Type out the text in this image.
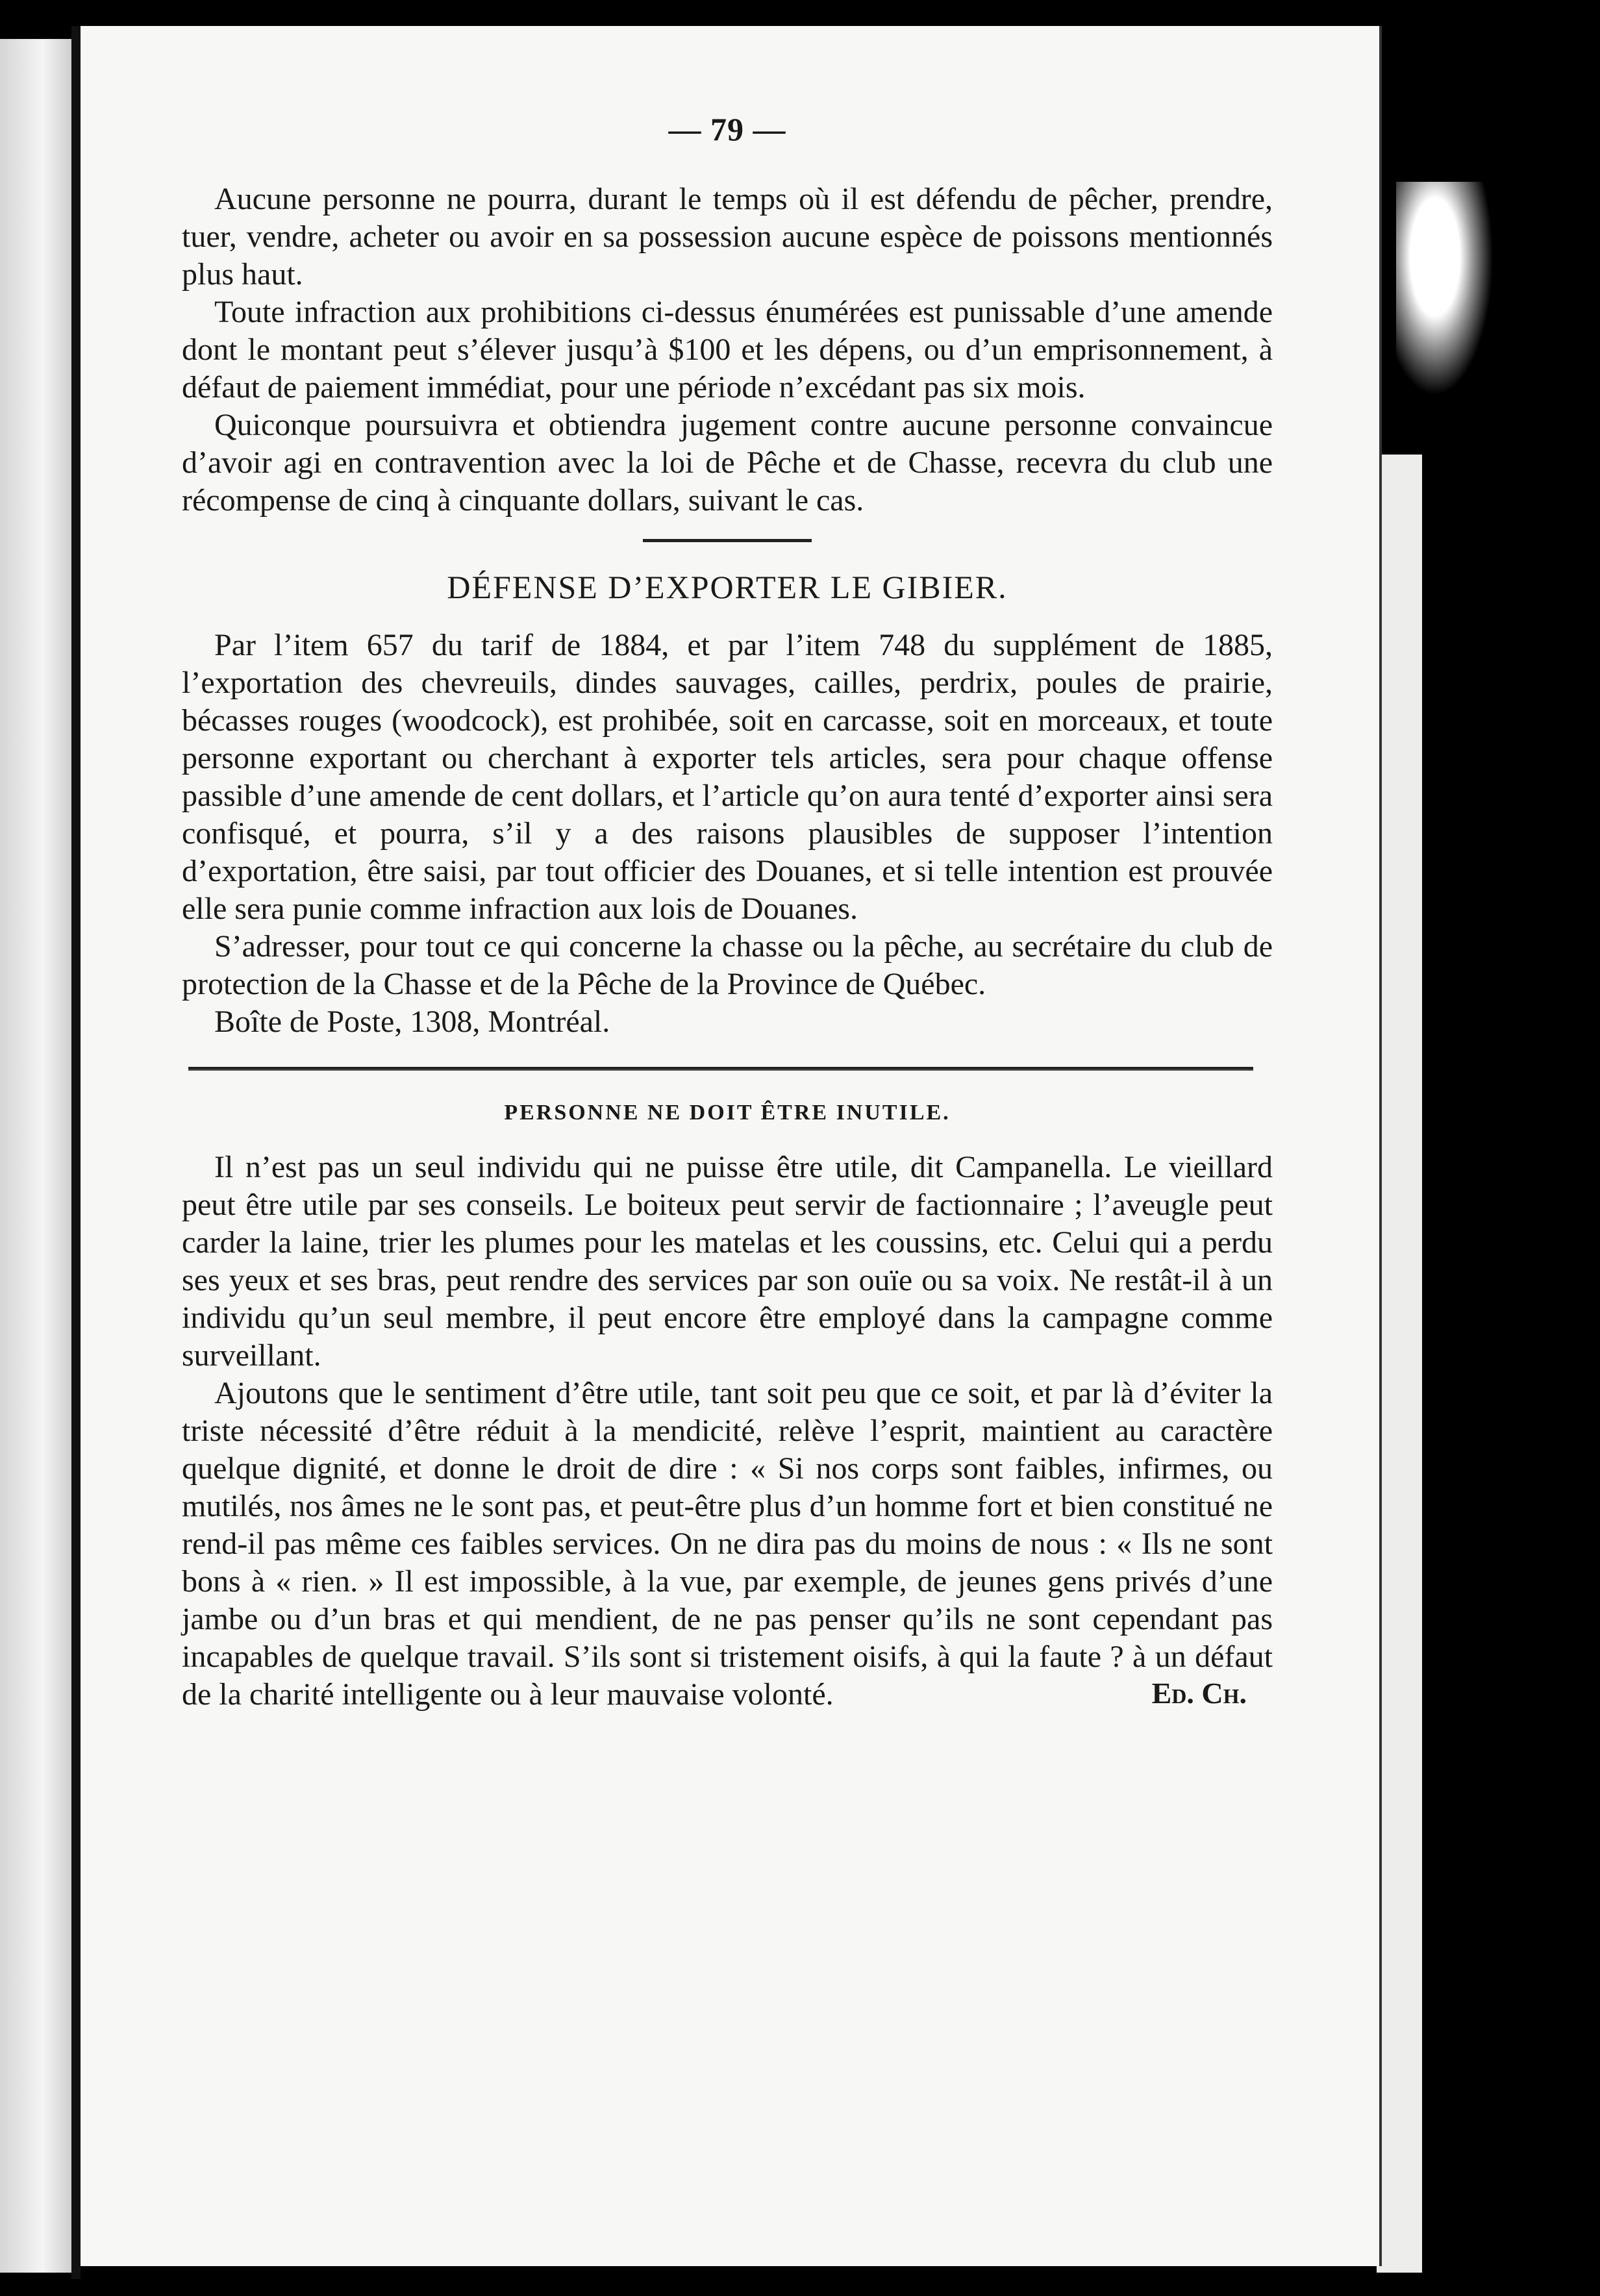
— 79 —

Aucune personne ne pourra, durant le temps où il est défendu de pêcher, prendre, tuer, vendre, acheter ou avoir en sa possession aucune espèce de poissons mentionnés plus haut.

Toute infraction aux prohibitions ci-dessus énumérées est punissable d’une amende dont le montant peut s’élever jusqu’à $100 et les dépens, ou d’un emprisonnement, à défaut de paiement immédiat, pour une période n’excédant pas six mois.

Quiconque poursuivra et obtiendra jugement contre aucune personne convaincue d’avoir agi en contravention avec la loi de Pêche et de Chasse, recevra du club une récompense de cinq à cinquante dollars, suivant le cas.

DÉFENSE D’EXPORTER LE GIBIER.

Par l’item 657 du tarif de 1884, et par l’item 748 du supplément de 1885, l’exportation des chevreuils, dindes sauvages, cailles, perdrix, poules de prairie, bécasses rouges (woodcock), est prohibée, soit en carcasse, soit en morceaux, et toute personne exportant ou cherchant à exporter tels articles, sera pour chaque offense passible d’une amende de cent dollars, et l’article qu’on aura tenté d’exporter ainsi sera confisqué, et pourra, s’il y a des raisons plausibles de supposer l’intention d’exportation, être saisi, par tout officier des Douanes, et si telle intention est prouvée elle sera punie comme infraction aux lois de Douanes.

S’adresser, pour tout ce qui concerne la chasse ou la pêche, au secrétaire du club de protection de la Chasse et de la Pêche de la Province de Québec.

Boîte de Poste, 1308, Montréal.

PERSONNE NE DOIT ÊTRE INUTILE.

Il n’est pas un seul individu qui ne puisse être utile, dit Campanella. Le vieillard peut être utile par ses conseils. Le boiteux peut servir de factionnaire ; l’aveugle peut carder la laine, trier les plumes pour les matelas et les coussins, etc. Celui qui a perdu ses yeux et ses bras, peut rendre des services par son ouïe ou sa voix. Ne restât-il à un individu qu’un seul membre, il peut encore être employé dans la campagne comme surveillant.

Ajoutons que le sentiment d’être utile, tant soit peu que ce soit, et par là d’éviter la triste nécessité d’être réduit à la mendicité, relève l’esprit, maintient au caractère quelque dignité, et donne le droit de dire : « Si nos corps sont faibles, infirmes, ou mutilés, nos âmes ne le sont pas, et peut-être plus d’un homme fort et bien constitué ne rend-il pas même ces faibles services. On ne dira pas du moins de nous : « Ils ne sont bons à « rien. » Il est impossible, à la vue, par exemple, de jeunes gens privés d’une jambe ou d’un bras et qui mendient, de ne pas penser qu’ils ne sont cependant pas incapables de quelque travail. S’ils sont si tristement oisifs, à qui la faute ? à un défaut de la charité intelligente ou à leur mauvaise volonté.	Ed. Ch.
